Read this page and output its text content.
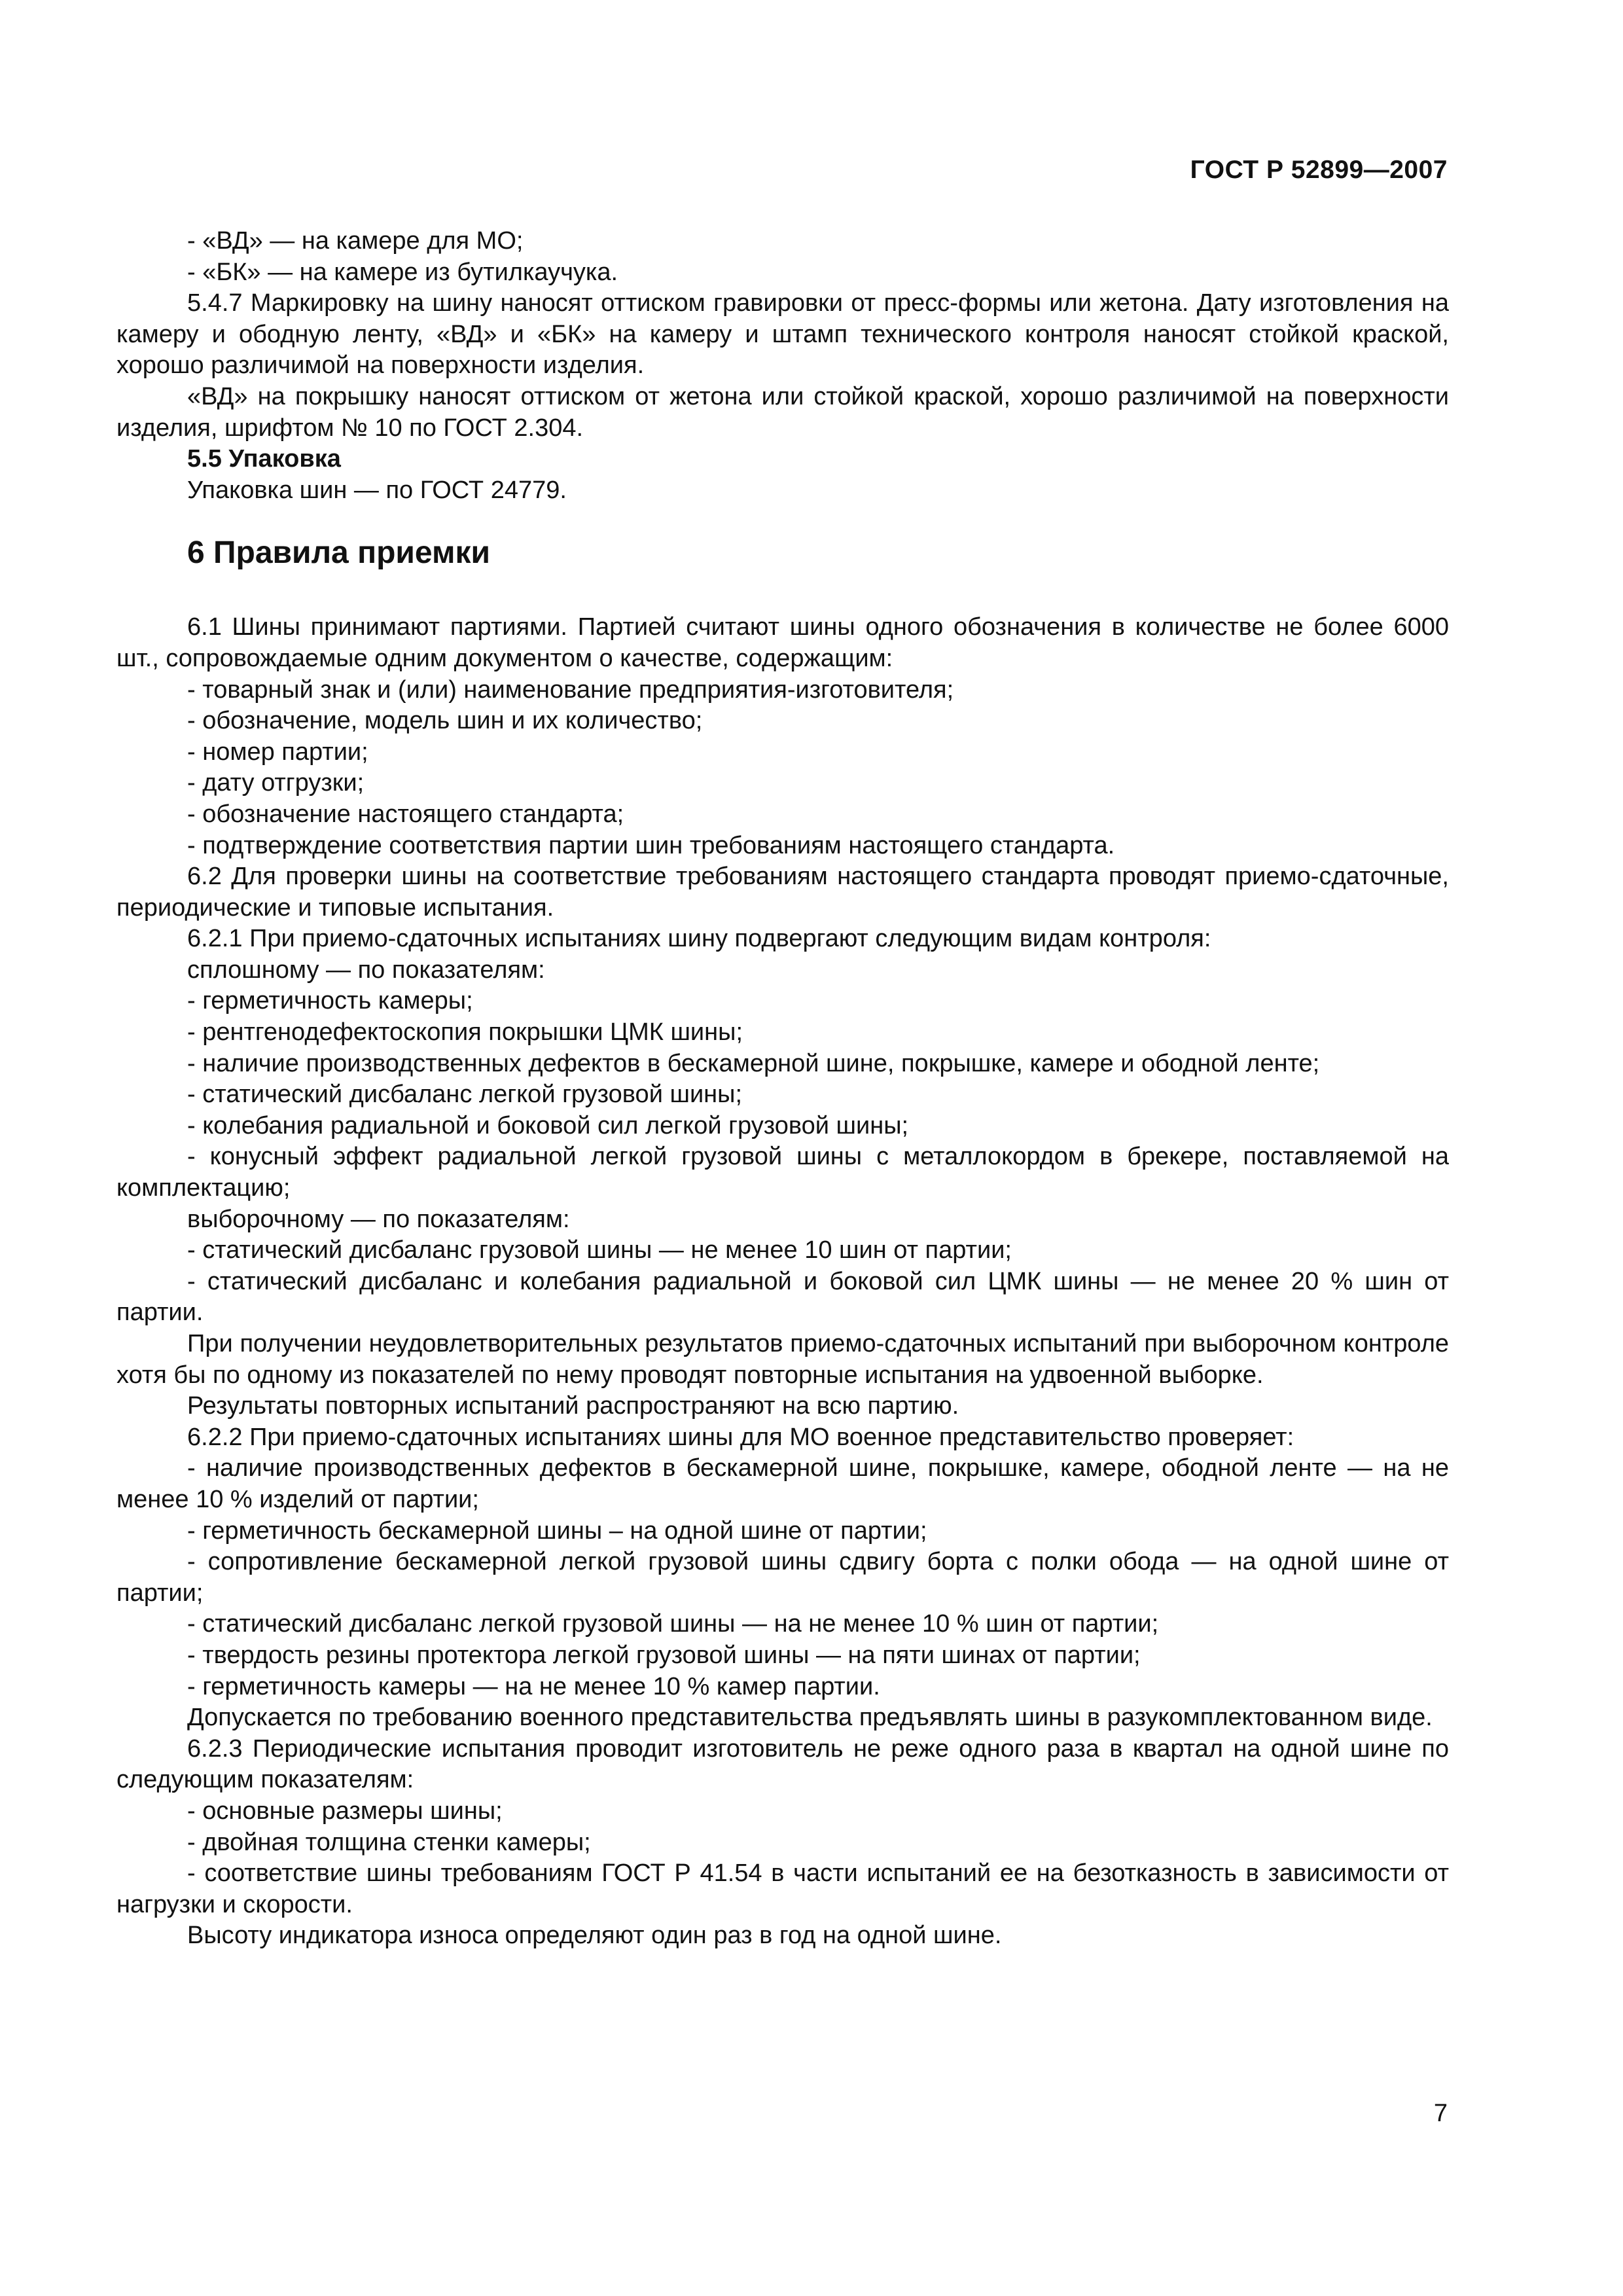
ГОСТ Р 52899—2007

- «ВД» — на камере для МО;

- «БК» — на камере из бутилкаучука.

5.4.7 Маркировку на шину наносят оттиском гравировки от пресс-формы или жетона. Дату изготовления на камеру и ободную ленту, «ВД» и «БК» на камеру и штамп технического контроля наносят стойкой краской, хорошо различимой на поверхности изделия.

«ВД» на покрышку наносят оттиском от жетона или стойкой краской, хорошо различимой на поверхности изделия, шрифтом № 10 по ГОСТ 2.304.

5.5 Упаковка

Упаковка шин — по ГОСТ 24779.

6 Правила приемки

6.1 Шины принимают партиями. Партией считают шины одного обозначения в количестве не более 6000 шт., сопровождаемые одним документом о качестве, содержащим:

- товарный знак и (или) наименование предприятия-изготовителя;

- обозначение, модель шин и их количество;

- номер партии;

- дату отгрузки;

- обозначение настоящего стандарта;

- подтверждение соответствия партии шин требованиям настоящего стандарта.

6.2 Для проверки шины на соответствие требованиям настоящего стандарта проводят приемо-сдаточные, периодические и типовые испытания.

6.2.1 При приемо-сдаточных испытаниях шину подвергают следующим видам контроля:

сплошному — по показателям:

- герметичность камеры;

- рентгенодефектоскопия покрышки ЦМК шины;

- наличие производственных дефектов в бескамерной шине, покрышке, камере и ободной ленте;

- статический дисбаланс легкой грузовой шины;

- колебания радиальной и боковой сил легкой грузовой шины;

- конусный эффект радиальной легкой грузовой шины с металлокордом в брекере, поставляемой на комплектацию;

выборочному — по показателям:

- статический дисбаланс грузовой шины — не менее 10 шин от партии;

- статический дисбаланс и колебания радиальной и боковой сил ЦМК шины — не менее 20 % шин от партии.

При получении неудовлетворительных результатов приемо-сдаточных испытаний при выборочном контроле хотя бы по одному из показателей по нему проводят повторные испытания на удвоенной выборке.

Результаты повторных испытаний распространяют на всю партию.

6.2.2 При приемо-сдаточных испытаниях шины для МО военное представительство проверяет:

- наличие производственных дефектов в бескамерной шине, покрышке, камере, ободной ленте — на не менее 10 % изделий от партии;

- герметичность бескамерной шины – на одной шине от партии;

- сопротивление бескамерной легкой грузовой шины сдвигу борта с полки обода — на одной шине от партии;

- статический дисбаланс легкой грузовой шины — на не менее 10 % шин от партии;

- твердость резины протектора легкой грузовой шины — на пяти шинах от партии;

- герметичность камеры — на не менее 10 % камер партии.

Допускается по требованию военного представительства предъявлять шины в разукомплектованном виде.

6.2.3 Периодические испытания проводит изготовитель не реже одного раза в квартал на одной шине по следующим показателям:

- основные размеры шины;

- двойная толщина стенки камеры;

- соответствие шины требованиям ГОСТ Р 41.54 в части испытаний ее на безотказность в зависимости от нагрузки и скорости.

Высоту индикатора износа определяют один раз в год на одной шине.

7
